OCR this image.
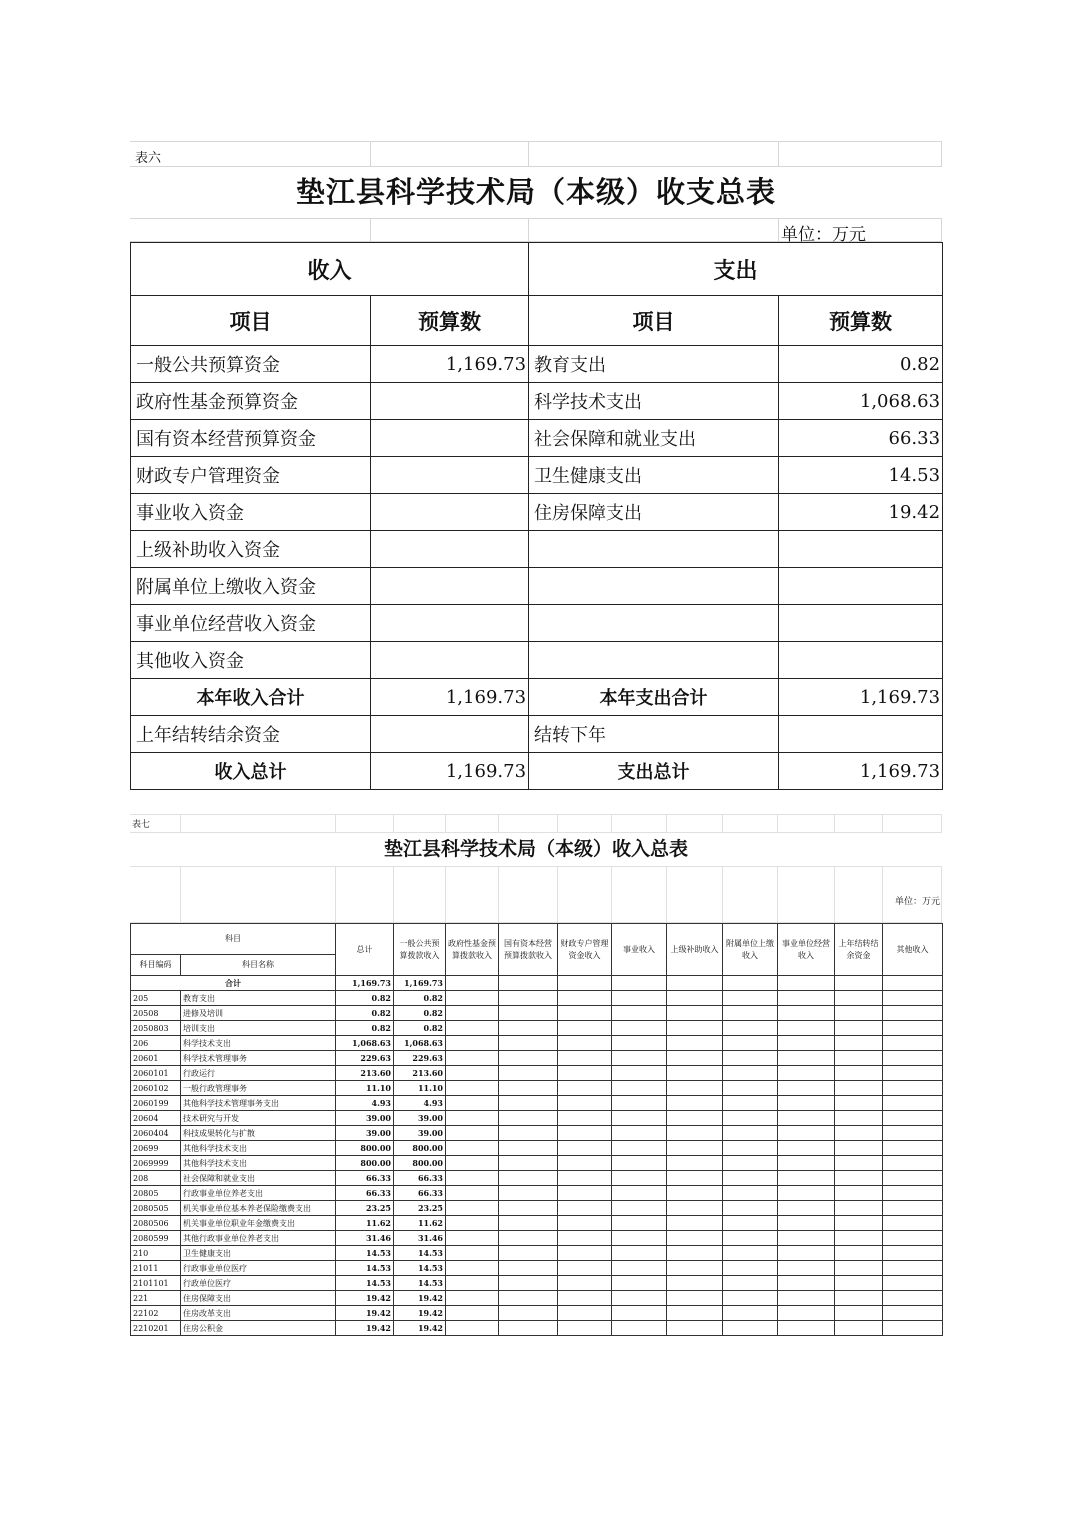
表六
垫江县科学技术局（本级）收支总表
单位：万元
收入		支出	
项目	预算数	项目	预算数
一般公共预算资金	1,169.73	教育支出	0.82
政府性基金预算资金		科学技术支出	1,068.63
国有资本经营预算资金		社会保障和就业支出	66.33
财政专户管理资金		卫生健康支出	14.53
事业收入资金		住房保障支出	19.42
上级补助收入资金			
附属单位上缴收入资金			
事业单位经营收入资金			
其他收入资金			
本年收入合计	1,169.73	本年支出合计	1,169.73
上年结转结余资金		结转下年	
收入总计	1,169.73	支出总计	1,169.73
表七
垫江县科学技术局（本级）收入总表
单位：万元
科目		总计	一般公共预算拨款收入	政府性基金预算拨款收入	国有资本经营预算拨款收入	财政专户管理资金收入	事业收入	上级补助收入	附属单位上缴收入	事业单位经营收入	上年结转结余资金	其他收入
科目编码	科目名称											
合计		1,169.73	1,169.73									
205	教育支出	0.82	0.82									
20508	进修及培训	0.82	0.82									
2050803	培训支出	0.82	0.82									
206	科学技术支出	1,068.63	1,068.63									
20601	科学技术管理事务	229.63	229.63									
2060101	行政运行	213.60	213.60									
2060102	一般行政管理事务	11.10	11.10									
2060199	其他科学技术管理事务支出	4.93	4.93									
20604	技术研究与开发	39.00	39.00									
2060404	科技成果转化与扩散	39.00	39.00									
20699	其他科学技术支出	800.00	800.00									
2069999	其他科学技术支出	800.00	800.00									
208	社会保障和就业支出	66.33	66.33									
20805	行政事业单位养老支出	66.33	66.33									
2080505	机关事业单位基本养老保险缴费支出	23.25	23.25									
2080506	机关事业单位职业年金缴费支出	11.62	11.62									
2080599	其他行政事业单位养老支出	31.46	31.46									
210	卫生健康支出	14.53	14.53									
21011	行政事业单位医疗	14.53	14.53									
2101101	行政单位医疗	14.53	14.53									
221	住房保障支出	19.42	19.42									
22102	住房改革支出	19.42	19.42									
2210201	住房公积金	19.42	19.42									
